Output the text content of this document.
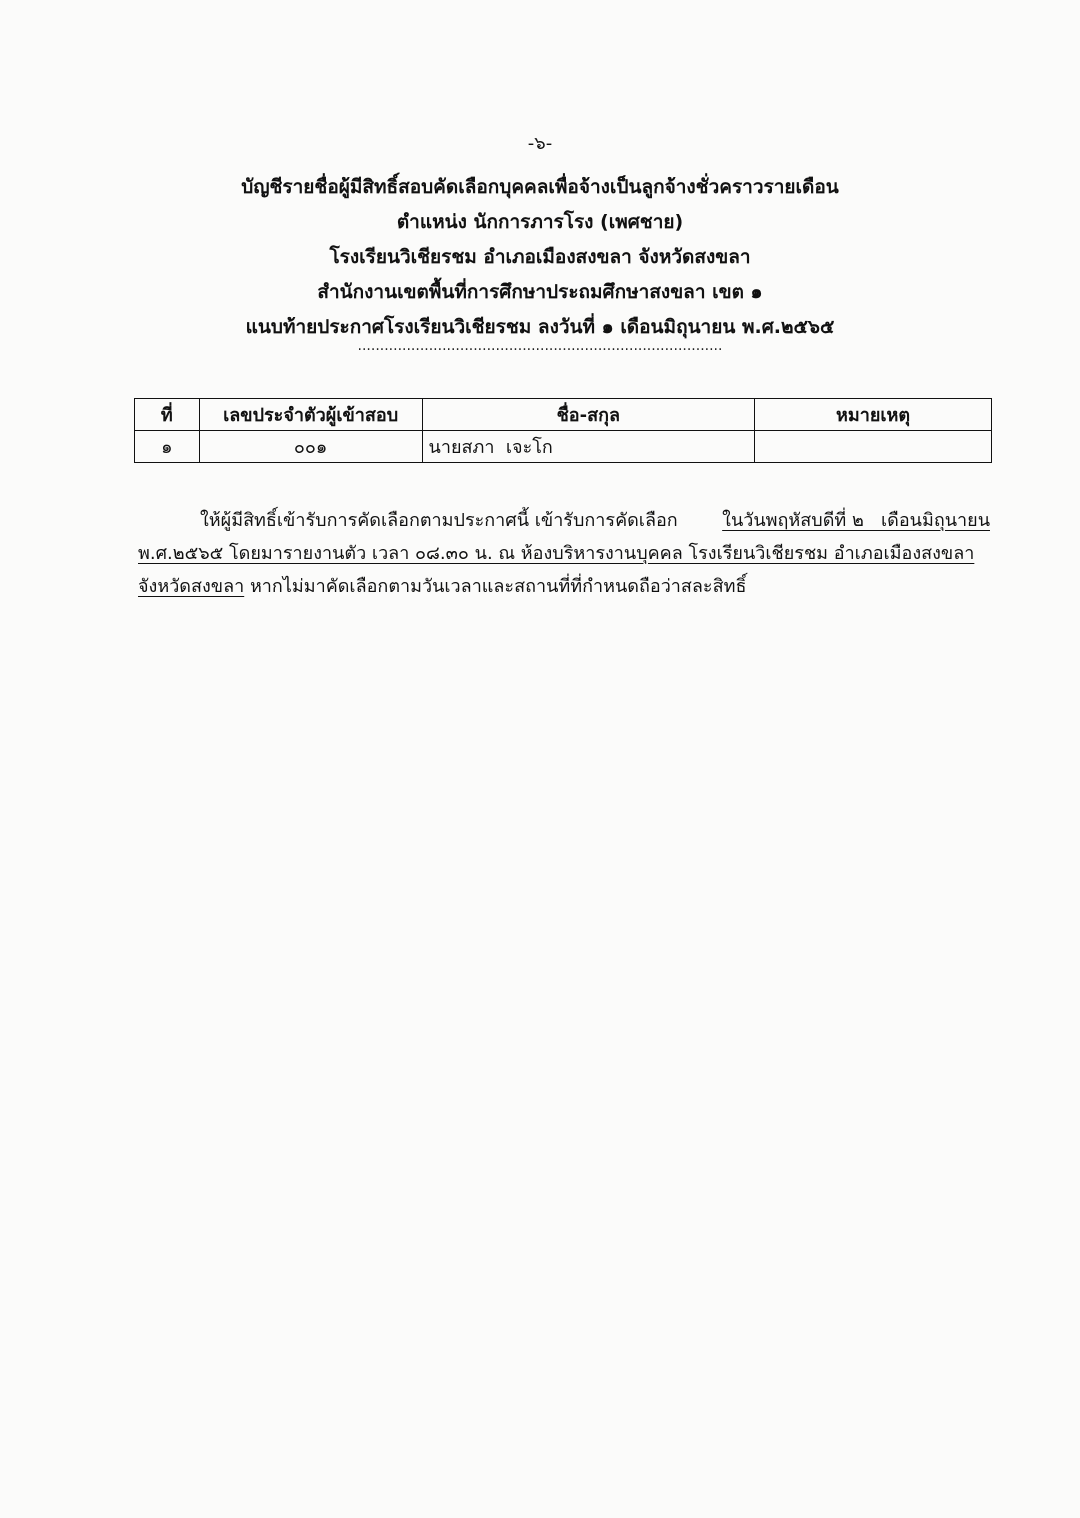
-๖-
บัญชีรายชื่อผู้มีสิทธิ์สอบคัดเลือกบุคคลเพื่อจ้างเป็นลูกจ้างชั่วคราวรายเดือน
ตำแหน่ง นักการภารโรง (เพศชาย)
โรงเรียนวิเชียรชม อำเภอเมืองสงขลา จังหวัดสงขลา
สำนักงานเขตพื้นที่การศึกษาประถมศึกษาสงขลา เขต ๑
แนบท้ายประกาศโรงเรียนวิเชียรชม ลงวันที่ ๑ เดือนมิถุนายน พ.ศ.๒๕๖๕
..................................................................................
ที่	เลขประจำตัวผู้เข้าสอบ	ชื่อ-สกุล	หมายเหตุ
๑	๐๐๑	นายสภา  เจะโก	
ให้ผู้มีสิทธิ์เข้ารับการคัดเลือกตามประกาศนี้ เข้ารับการคัดเลือก ในวันพฤหัสบดีที่ ๒   เดือนมิถุนายน
พ.ศ.๒๕๖๕ โดยมารายงานตัว เวลา ๐๘.๓๐ น. ณ ห้องบริหารงานบุคคล โรงเรียนวิเชียรชม อำเภอเมืองสงขลา
จังหวัดสงขลา หากไม่มาคัดเลือกตามวันเวลาและสถานที่ที่กำหนดถือว่าสละสิทธิ์
